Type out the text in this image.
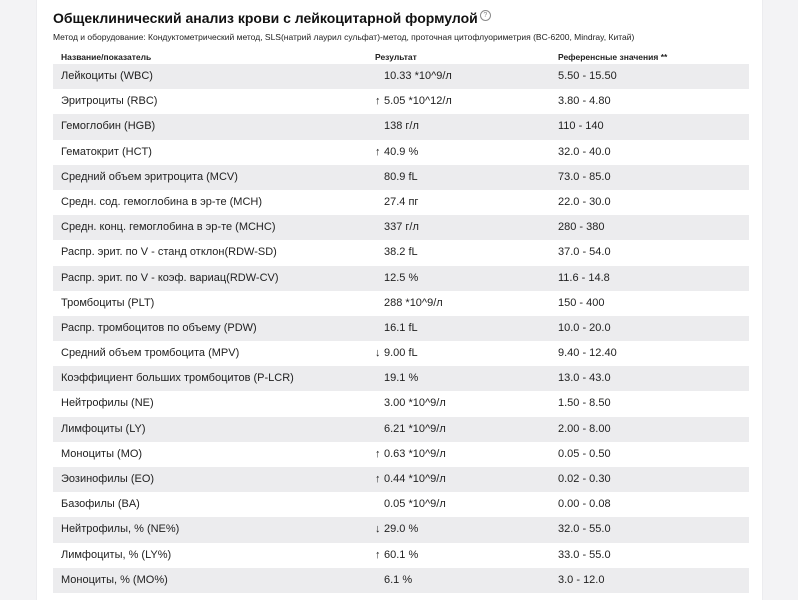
Общеклинический анализ крови с лейкоцитарной формулой ?
Метод и оборудование: Кондуктометрический метод, SLS(натрий лаурил сульфат)-метод, проточная цитофлуориметрия (BC-6200, Mindray, Китай)
Название/показатель	Результат	Референсные значения **
Лейкоциты (WBC)	10.33 *10^9/л	5.50 - 15.50
Эритроциты (RBC)	↑ 5.05 *10^12/л	3.80 - 4.80
Гемоглобин (HGB)	138 г/л	110 - 140
Гематокрит (HCT)	↑ 40.9 %	32.0 - 40.0
Средний объем эритроцита (MCV)	80.9 fL	73.0 - 85.0
Средн. сод. гемоглобина в эр-те (MCH)	27.4 пг	22.0 - 30.0
Средн. конц. гемоглобина в эр-те (MCHC)	337 г/л	280 - 380
Распр. эрит. по V - станд отклон(RDW-SD)	38.2 fL	37.0 - 54.0
Распр. эрит. по V - коэф. вариац(RDW-CV)	12.5 %	11.6 - 14.8
Тромбоциты (PLT)	288 *10^9/л	150 - 400
Распр. тромбоцитов по объему (PDW)	16.1 fL	10.0 - 20.0
Средний объем тромбоцита (MPV)	↓ 9.00 fL	9.40 - 12.40
Коэффициент больших тромбоцитов (P-LCR)	19.1 %	13.0 - 43.0
Нейтрофилы (NE)	3.00 *10^9/л	1.50 - 8.50
Лимфоциты (LY)	6.21 *10^9/л	2.00 - 8.00
Моноциты (MO)	↑ 0.63 *10^9/л	0.05 - 0.50
Эозинофилы (EO)	↑ 0.44 *10^9/л	0.02 - 0.30
Базофилы (BA)	0.05 *10^9/л	0.00 - 0.08
Нейтрофилы, % (NE%)	↓ 29.0 %	32.0 - 55.0
Лимфоциты, % (LY%)	↑ 60.1 %	33.0 - 55.0
Моноциты, % (MO%)	6.1 %	3.0 - 12.0
